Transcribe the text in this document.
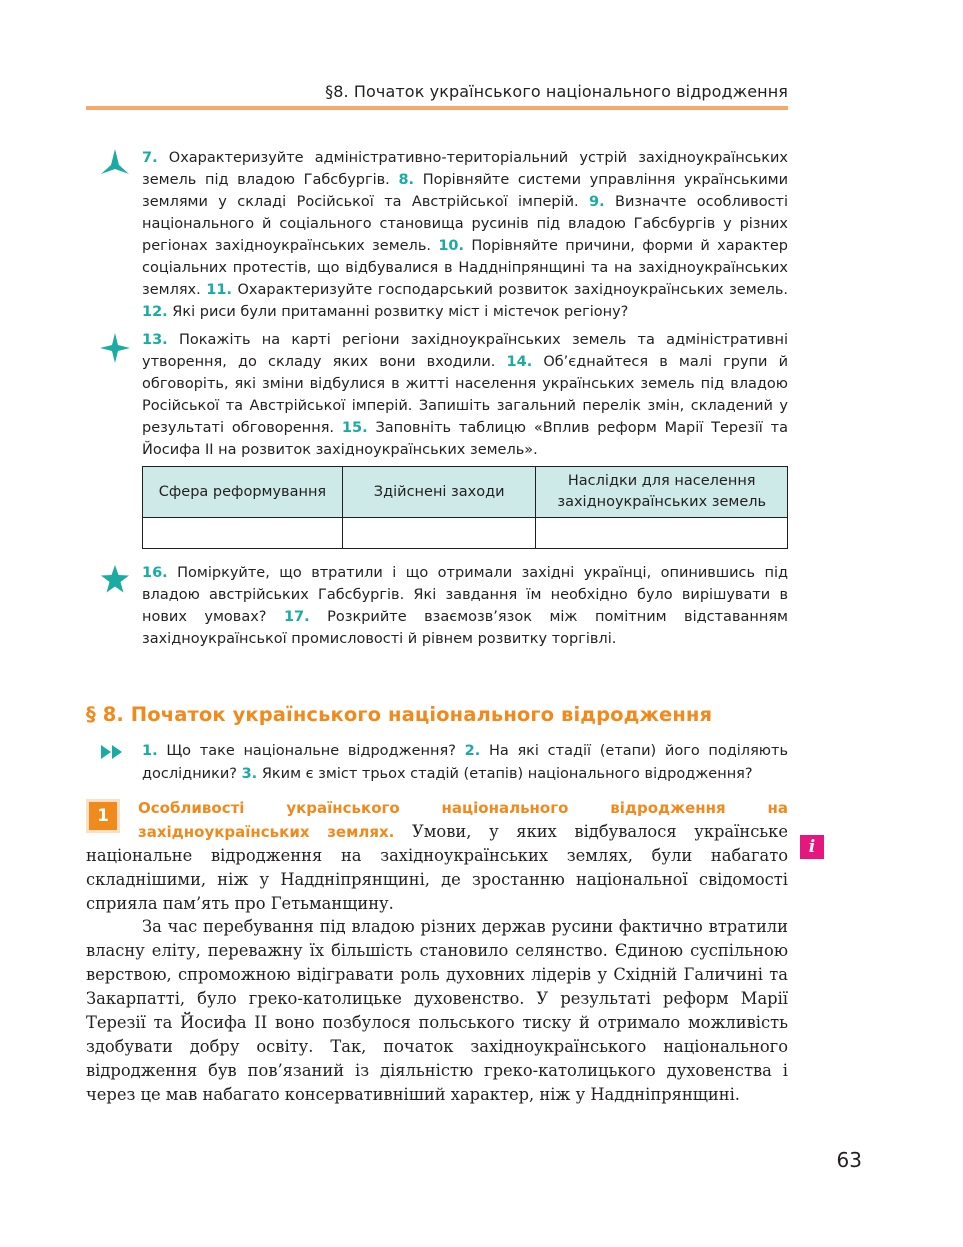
§8. Початок українського національного відродження
7. Охарактеризуйте адміністративно-територіальний устрій західноукраїнських земель під владою Габсбургів. 8. Порівняйте системи управління українськими землями у складі Російської та Австрійської імперій. 9. Визначте особливості національного й соціального становища русинів під владою Габсбургів у різних регіонах західноукраїнських земель. 10. Порівняйте причини, форми й характер соціальних протестів, що відбувалися в Наддніпрянщині та на західноукраїнських землях. 11. Охарактеризуйте господарський розвиток західноукраїнських земель. 12. Які риси були притаманні розвитку міст і містечок регіону?
13. Покажіть на карті регіони західноукраїнських земель та адміністративні утворення, до складу яких вони входили. 14. Об’єднайтеся в малі групи й обговоріть, які зміни відбулися в житті населення українських земель під владою Російської та Австрійської імперій. Запишіть загальний перелік змін, складений у результаті обговорення. 15. Заповніть таблицю «Вплив реформ Марії Терезії та Йосифа II на розвиток західноукраїнських земель».
Сфера реформування	Здійснені заходи	Наслідки для населення західноукраїнських земель

16. Поміркуйте, що втратили і що отримали західні українці, опинившись під владою австрійських Габсбургів. Які завдання їм необхідно було вирішувати в нових умовах? 17. Розкрийте взаємозв’язок між помітним відставанням західноукраїнської промисловості й рівнем розвитку торгівлі.
§ 8. Початок українського національного відродження
1. Що таке національне відродження? 2. На які стадії (етапи) його поділяють дослідники? 3. Яким є зміст трьох стадій (етапів) національного відродження?
1	Особливості українського національного відродження на західноукраїнських землях. Умови, у яких відбувалося українське національне відродження на західноукраїнських землях, були набагато складнішими, ніж у Наддніпрянщині, де зростанню національної свідомості сприяла пам’ять про Гетьманщину.
i
За час перебування під владою різних держав русини фактично втратили власну еліту, переважну їх більшість становило селянство. Єдиною суспільною верствою, спроможною відігравати роль духовних лідерів у Східній Галичині та Закарпатті, було греко-католицьке духовенство. У результаті реформ Марії Терезії та Йосифа II воно позбулося польського тиску й отримало можливість здобувати добру освіту. Так, початок західноукраїнського національного відродження був пов’язаний із діяльністю греко-католицького духовенства і через це мав набагато консервативніший характер, ніж у Наддніпрянщині.
63
